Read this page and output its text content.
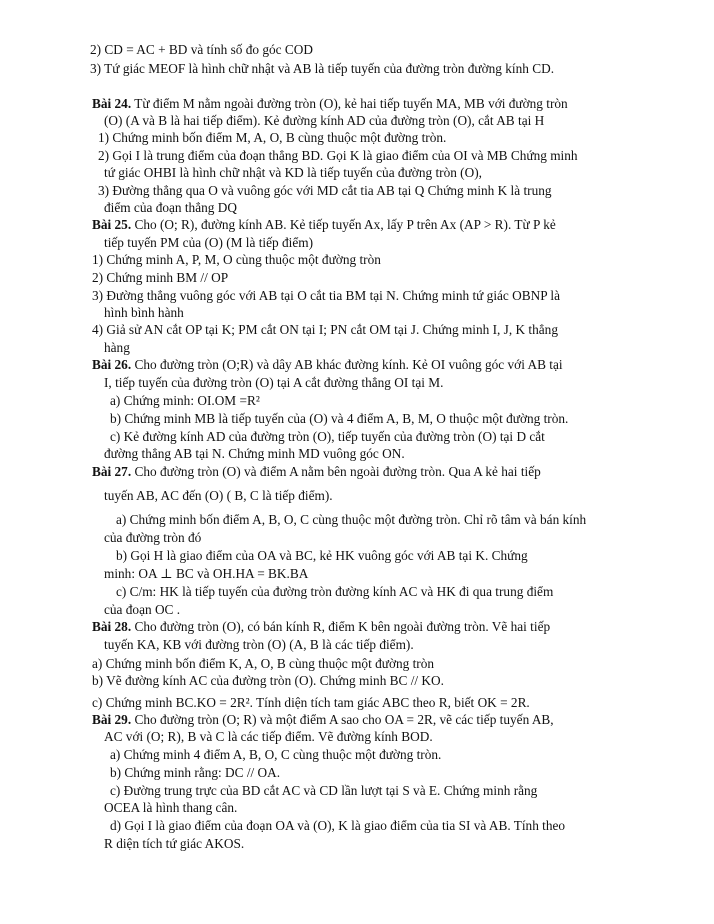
2) CD = AC + BD và tính số đo góc COD
3) Tứ giác MEOF là hình chữ nhật và AB là tiếp tuyến của đường tròn đường kính CD.
Bài 24. Từ điểm M nằm ngoài đường tròn (O), kẻ hai tiếp tuyến MA, MB với đường tròn
(O) (A và B là hai tiếp điểm). Kẻ đường kính AD của đường tròn (O), cắt AB tại H
1) Chứng minh bốn điểm M, A, O, B cùng thuộc một đường tròn.
2) Gọi I là trung điểm của đoạn thẳng BD. Gọi K là giao điểm của OI và MB Chứng minh
tứ giác OHBI là hình chữ nhật và KD là tiếp tuyến của đường tròn (O),
3) Đường thẳng qua O và vuông góc với MD cắt tia AB tại Q Chứng minh K là trung
điểm của đoạn thẳng DQ
Bài 25. Cho (O; R), đường kính AB. Kẻ tiếp tuyến Ax, lấy P trên Ax (AP > R). Từ P kẻ
tiếp tuyến PM của (O) (M là tiếp điểm)
1) Chứng minh A, P, M, O cùng thuộc một đường tròn
2) Chứng minh BM // OP
3) Đường thẳng vuông góc với AB tại O cắt tia BM tại N. Chứng minh tứ giác OBNP là
hình bình hành
4) Giả sử AN cắt OP tại K; PM cắt ON tại I; PN cắt OM tại J. Chứng minh I, J, K thẳng
hàng
Bài 26. Cho đường tròn (O;R) và dây AB khác đường kính. Kẻ OI vuông góc với AB tại
I, tiếp tuyến của đường tròn (O) tại A cắt đường thẳng OI tại M.
a) Chứng minh: OI.OM =R²
b) Chứng minh MB là tiếp tuyến của (O) và 4 điểm A, B, M, O thuộc một đường tròn.
c) Kẻ đường kính AD của đường tròn (O), tiếp tuyến của đường tròn (O) tại D cắt
đường thẳng AB tại N. Chứng minh MD vuông góc ON.
Bài 27. Cho đường tròn (O) và điểm A nằm bên ngoài đường tròn. Qua A kẻ hai tiếp
tuyến AB, AC đến (O) ( B, C là tiếp điểm).
a) Chứng minh bốn điểm A, B, O, C cùng thuộc một đường tròn. Chỉ rõ tâm và bán kính
của đường tròn đó
b) Gọi H là giao điểm của OA và BC, kẻ HK vuông góc với AB tại K. Chứng
minh: OA ⊥ BC và OH.HA = BK.BA
c) C/m: HK là tiếp tuyến của đường tròn đường kính AC và HK đi qua trung điểm
của đoạn OC .
Bài 28. Cho đường tròn (O), có bán kính R, điểm K bên ngoài đường tròn. Vẽ hai tiếp
tuyến KA, KB với đường tròn (O) (A, B là các tiếp điểm).
a) Chứng minh bốn điểm K, A, O, B cùng thuộc một đường tròn
b) Vẽ đường kính AC của đường tròn (O). Chứng minh BC // KO.
c) Chứng minh BC.KO = 2R². Tính diện tích tam giác ABC theo R, biết OK = 2R.
Bài 29. Cho đường tròn (O; R) và một điểm A sao cho OA = 2R, vẽ các tiếp tuyến AB,
AC với (O; R), B và C là các tiếp điểm. Vẽ đường kính BOD.
a) Chứng minh 4 điểm A, B, O, C cùng thuộc một đường tròn.
b) Chứng minh rằng: DC // OA.
c) Đường trung trực của BD cắt AC và CD lần lượt tại S và E. Chứng minh rằng
OCEA là hình thang cân.
d) Gọi I là giao điểm của đoạn OA và (O), K là giao điểm của tia SI và AB. Tính theo
R diện tích tứ giác AKOS.
